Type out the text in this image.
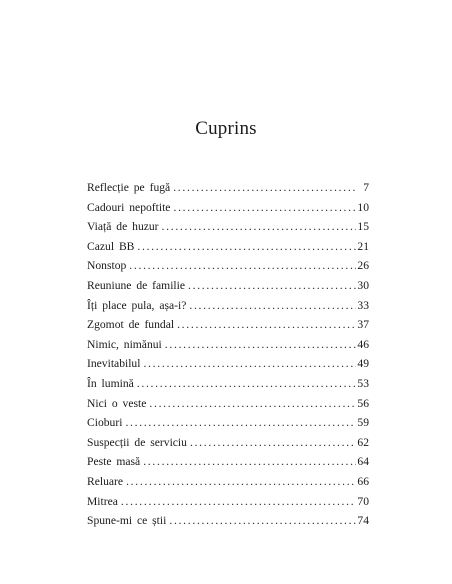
Cuprins
Reflecție pe fugă . . .	7
Cadouri nepoftite . . .	10
Viață de huzur . . .	15
Cazul BB . . .	21
Nonstop . . .	26
Reuniune de familie . . .	30
Îți place pula, așa-i? . . .	33
Zgomot de fundal . . .	37
Nimic, nimănui . . .	46
Inevitabilul . . .	49
În lumină . . .	53
Nici o veste . . .	56
Cioburi . . .	59
Suspecții de serviciu . . .	62
Peste masă . . .	64
Reluare . . .	66
Mitrea . . .	70
Spune-mi ce știi . . .	74
